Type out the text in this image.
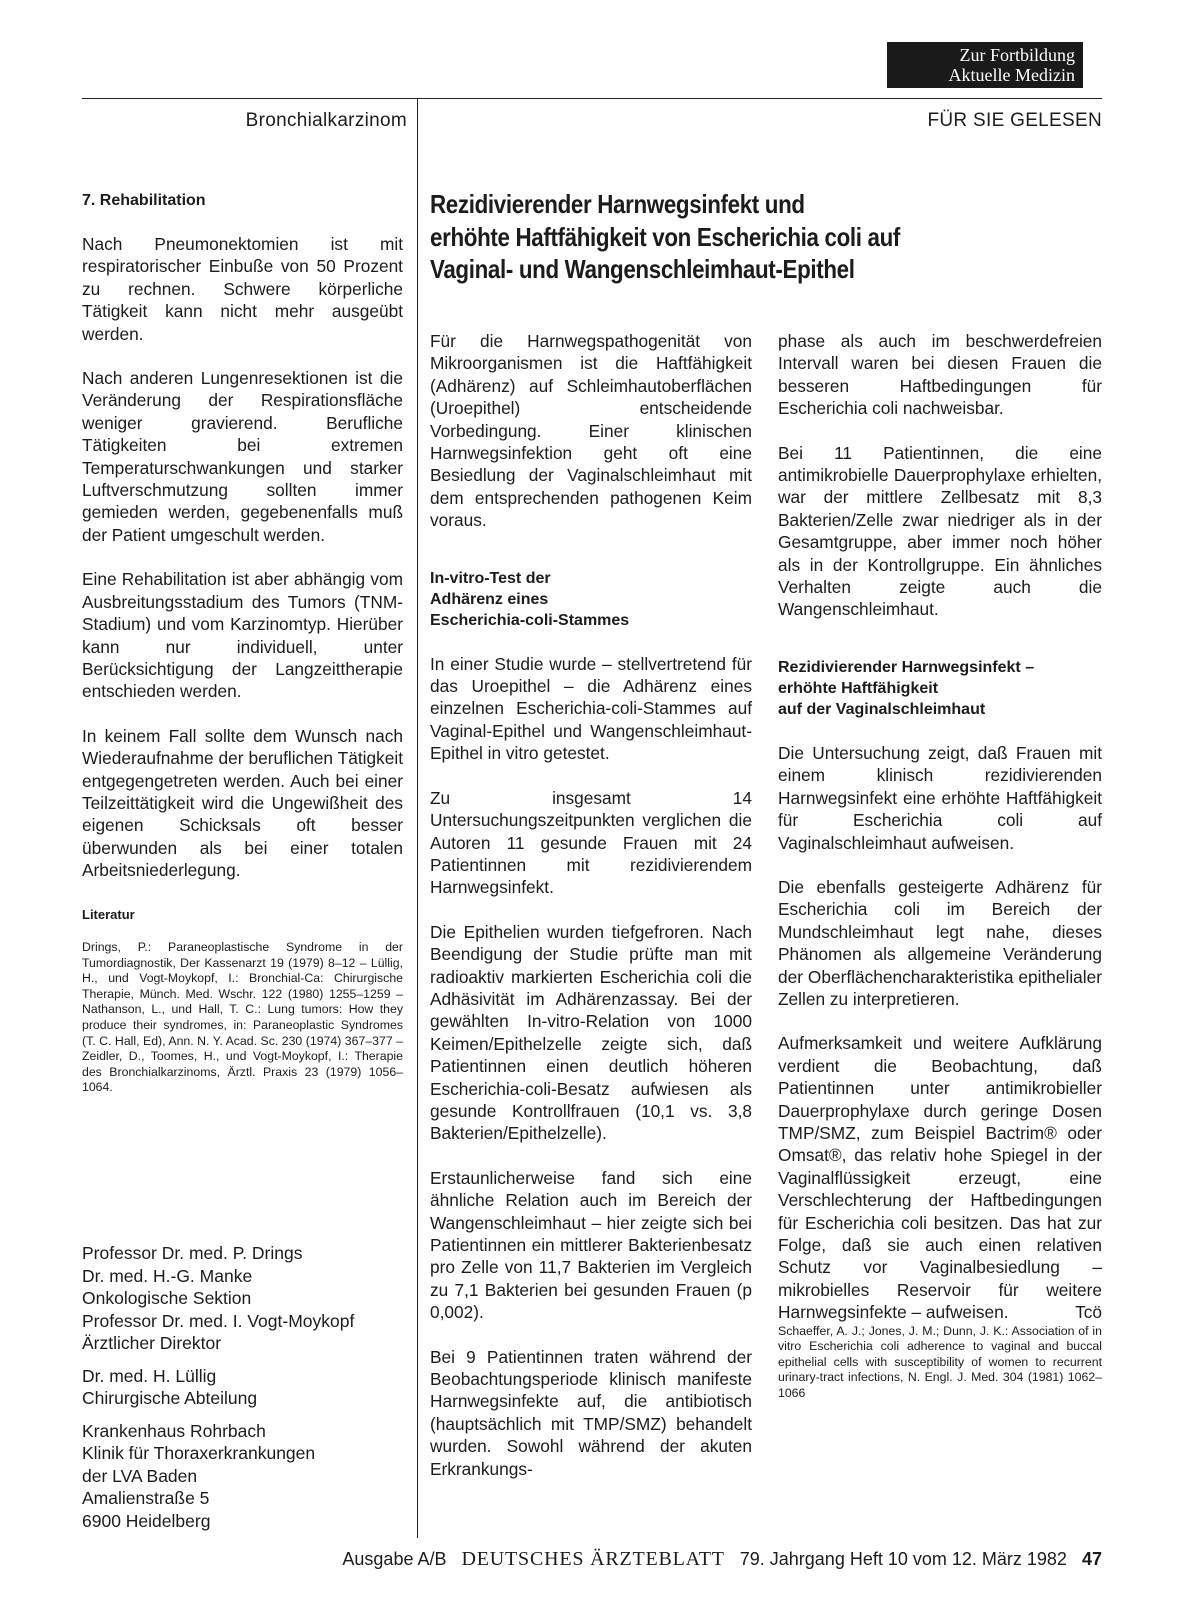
Zur Fortbildung
Aktuelle Medizin
Bronchialkarzinom	FÜR SIE GELESEN
7. Rehabilitation

Nach Pneumonektomien ist mit respiratorischer Einbuße von 50 Prozent zu rechnen. Schwere körperliche Tätigkeit kann nicht mehr ausgeübt werden.

Nach anderen Lungenresektionen ist die Veränderung der Respirationsfläche weniger gravierend. Berufliche Tätigkeiten bei extremen Temperaturschwankungen und starker Luftverschmutzung sollten immer gemieden werden, gegebenenfalls muß der Patient umgeschult werden.

Eine Rehabilitation ist aber abhängig vom Ausbreitungsstadium des Tumors (TNM-Stadium) und vom Karzinomtyp. Hierüber kann nur individuell, unter Berücksichtigung der Langzeittherapie entschieden werden.

In keinem Fall sollte dem Wunsch nach Wiederaufnahme der beruflichen Tätigkeit entgegengetreten werden. Auch bei einer Teilzeittätigkeit wird die Ungewißheit des eigenen Schicksals oft besser überwunden als bei einer totalen Arbeitsniederlegung.

Literatur

Drings, P.: Paraneoplastische Syndrome in der Tumordiagnostik, Der Kassenarzt 19 (1979) 8–12 – Lüllig, H., und Vogt-Moykopf, I.: Bronchial-Ca: Chirurgische Therapie, Münch. Med. Wschr. 122 (1980) 1255–1259 – Nathanson, L., und Hall, T. C.: Lung tumors: How they produce their syndromes, in: Paraneoplastic Syndromes (T. C. Hall, Ed), Ann. N. Y. Acad. Sc. 230 (1974) 367–377 – Zeidler, D., Toomes, H., und Vogt-Moykopf, I.: Therapie des Bronchialkarzinoms, Ärztl. Praxis 23 (1979) 1056–1064.

Professor Dr. med. P. Drings
Dr. med. H.-G. Manke
Onkologische Sektion
Professor Dr. med. I. Vogt-Moykopf
Ärztlicher Direktor
Dr. med. H. Lüllig
Chirurgische Abteilung
Krankenhaus Rohrbach
Klinik für Thoraxerkrankungen
der LVA Baden
Amalienstraße 5
6900 Heidelberg
Rezidivierender Harnwegsinfekt und
erhöhte Haftfähigkeit von Escherichia coli auf
Vaginal- und Wangenschleimhaut-Epithel

Für die Harnwegspathogenität von Mikroorganismen ist die Haftfähigkeit (Adhärenz) auf Schleimhautoberflächen (Uroepithel) entscheidende Vorbedingung. Einer klinischen Harnwegsinfektion geht oft eine Besiedlung der Vaginalschleimhaut mit dem entsprechenden pathogenen Keim voraus.

In-vitro-Test der
Adhärenz eines
Escherichia-coli-Stammes

In einer Studie wurde – stellvertretend für das Uroepithel – die Adhärenz eines einzelnen Escherichia-coli-Stammes auf Vaginal-Epithel und Wangenschleimhaut-Epithel in vitro getestet.

Zu insgesamt 14 Untersuchungszeitpunkten verglichen die Autoren 11 gesunde Frauen mit 24 Patientinnen mit rezidivierendem Harnwegsinfekt.

Die Epithelien wurden tiefgefroren. Nach Beendigung der Studie prüfte man mit radioaktiv markierten Escherichia coli die Adhäsivität im Adhärenzassay. Bei der gewählten In-vitro-Relation von 1000 Keimen/Epithelzelle zeigte sich, daß Patientinnen einen deutlich höheren Escherichia-coli-Besatz aufwiesen als gesunde Kontrollfrauen (10,1 vs. 3,8 Bakterien/Epithelzelle).

Erstaunlicherweise fand sich eine ähnliche Relation auch im Bereich der Wangenschleimhaut – hier zeigte sich bei Patientinnen ein mittlerer Bakterienbesatz pro Zelle von 11,7 Bakterien im Vergleich zu 7,1 Bakterien bei gesunden Frauen (p 0,002).

Bei 9 Patientinnen traten während der Beobachtungsperiode klinisch manifeste Harnwegsinfekte auf, die antibiotisch (hauptsächlich mit TMP/SMZ) behandelt wurden. Sowohl während der akuten Erkrankungs-

phase als auch im beschwerdefreien Intervall waren bei diesen Frauen die besseren Haftbedingungen für Escherichia coli nachweisbar.

Bei 11 Patientinnen, die eine antimikrobielle Dauerprophylaxe erhielten, war der mittlere Zellbesatz mit 8,3 Bakterien/Zelle zwar niedriger als in der Gesamtgruppe, aber immer noch höher als in der Kontrollgruppe. Ein ähnliches Verhalten zeigte auch die Wangenschleimhaut.

Rezidivierender Harnwegsinfekt –
erhöhte Haftfähigkeit
auf der Vaginalschleimhaut

Die Untersuchung zeigt, daß Frauen mit einem klinisch rezidivierenden Harnwegsinfekt eine erhöhte Haftfähigkeit für Escherichia coli auf Vaginalschleimhaut aufweisen.

Die ebenfalls gesteigerte Adhärenz für Escherichia coli im Bereich der Mundschleimhaut legt nahe, dieses Phänomen als allgemeine Veränderung der Oberflächencharakteristika epithelialer Zellen zu interpretieren.

Aufmerksamkeit und weitere Aufklärung verdient die Beobachtung, daß Patientinnen unter antimikrobieller Dauerprophylaxe durch geringe Dosen TMP/SMZ, zum Beispiel Bactrim® oder Omsat®, das relativ hohe Spiegel in der Vaginalflüssigkeit erzeugt, eine Verschlechterung der Haftbedingungen für Escherichia coli besitzen. Das hat zur Folge, daß sie auch einen relativen Schutz vor Vaginalbesiedlung – mikrobielles Reservoir für weitere Harnwegsinfekte – aufweisen.	Tcö

Schaeffer, A. J.; Jones, J. M.; Dunn, J. K.: Association of in vitro Escherichia coli adherence to vaginal and buccal epithelial cells with susceptibility of women to recurrent urinary-tract infections, N. Engl. J. Med. 304 (1981) 1062–1066

Ausgabe A/B DEUTSCHES ÄRZTEBLATT 79. Jahrgang Heft 10 vom 12. März 1982 47
